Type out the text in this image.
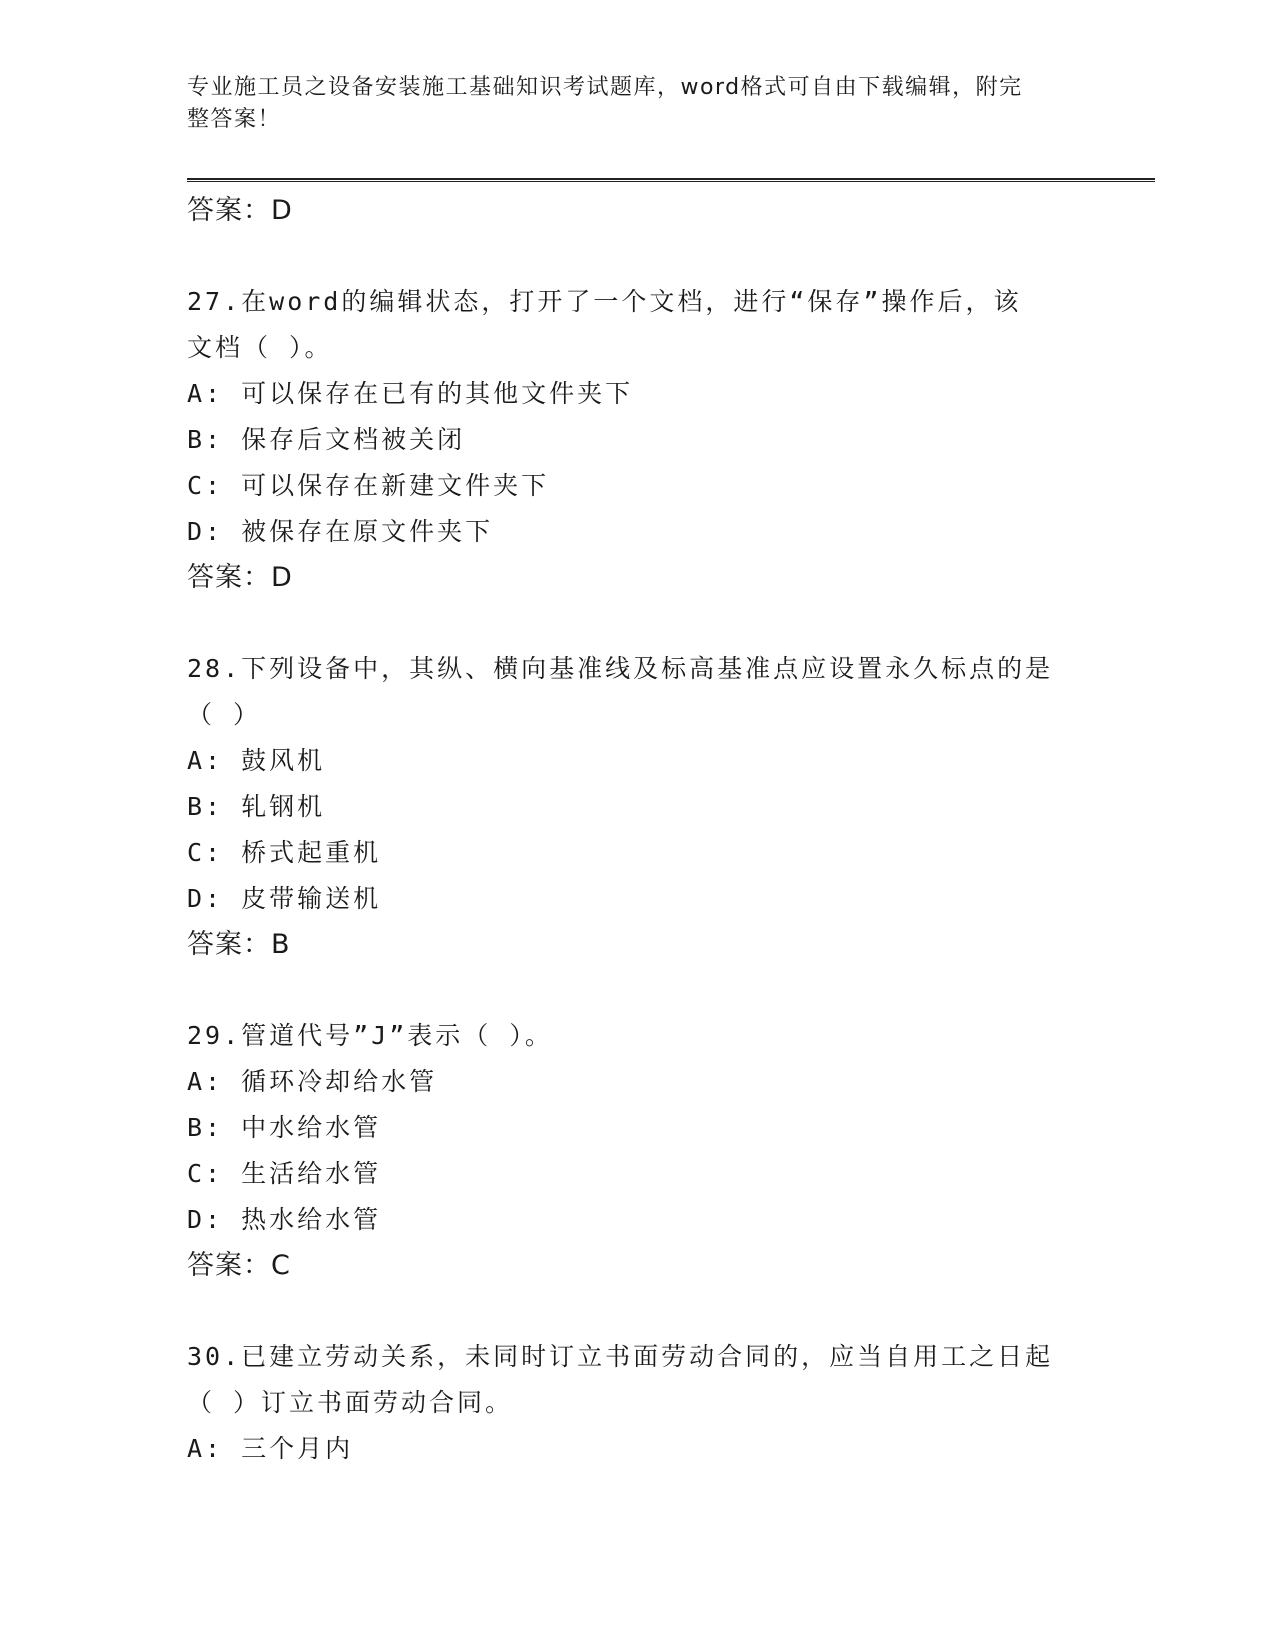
专业施工员之设备安装施工基础知识考试题库，word格式可自由下载编辑，附完
整答案！
答案：D
27.在word的编辑状态，打开了一个文档，进行“保存”操作后，该
文档（ ）。
A: 可以保存在已有的其他文件夹下
B: 保存后文档被关闭
C: 可以保存在新建文件夹下
D: 被保存在原文件夹下
答案：D
28.下列设备中，其纵、横向基准线及标高基准点应设置永久标点的是
（ ）
A: 鼓风机
B: 轧钢机
C: 桥式起重机
D: 皮带输送机
答案：B
29.管道代号”J”表示（ ）。
A: 循环冷却给水管
B: 中水给水管
C: 生活给水管
D: 热水给水管
答案：C
30.已建立劳动关系，未同时订立书面劳动合同的，应当自用工之日起
（ ）订立书面劳动合同。
A: 三个月内
